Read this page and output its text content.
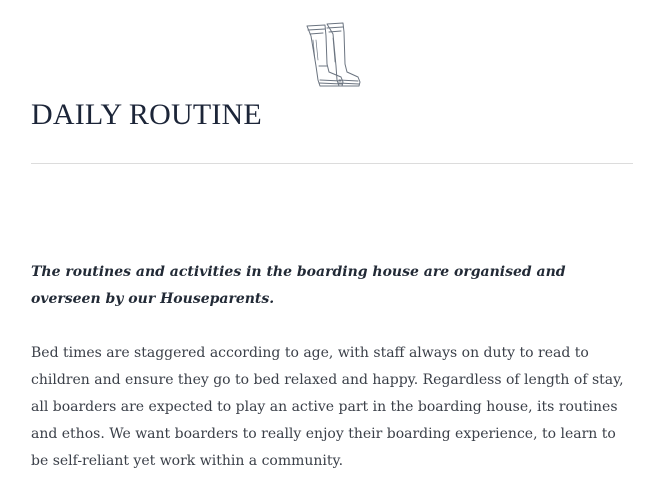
DAILY ROUTINE

The routines and activities in the boarding house are organised and overseen by our Houseparents.

Bed times are staggered according to age, with staff always on duty to read to children and ensure they go to bed relaxed and happy. Regardless of length of stay, all boarders are expected to play an active part in the boarding house, its routines and ethos. We want boarders to really enjoy their boarding experience, to learn to be self-reliant yet work within a community.
